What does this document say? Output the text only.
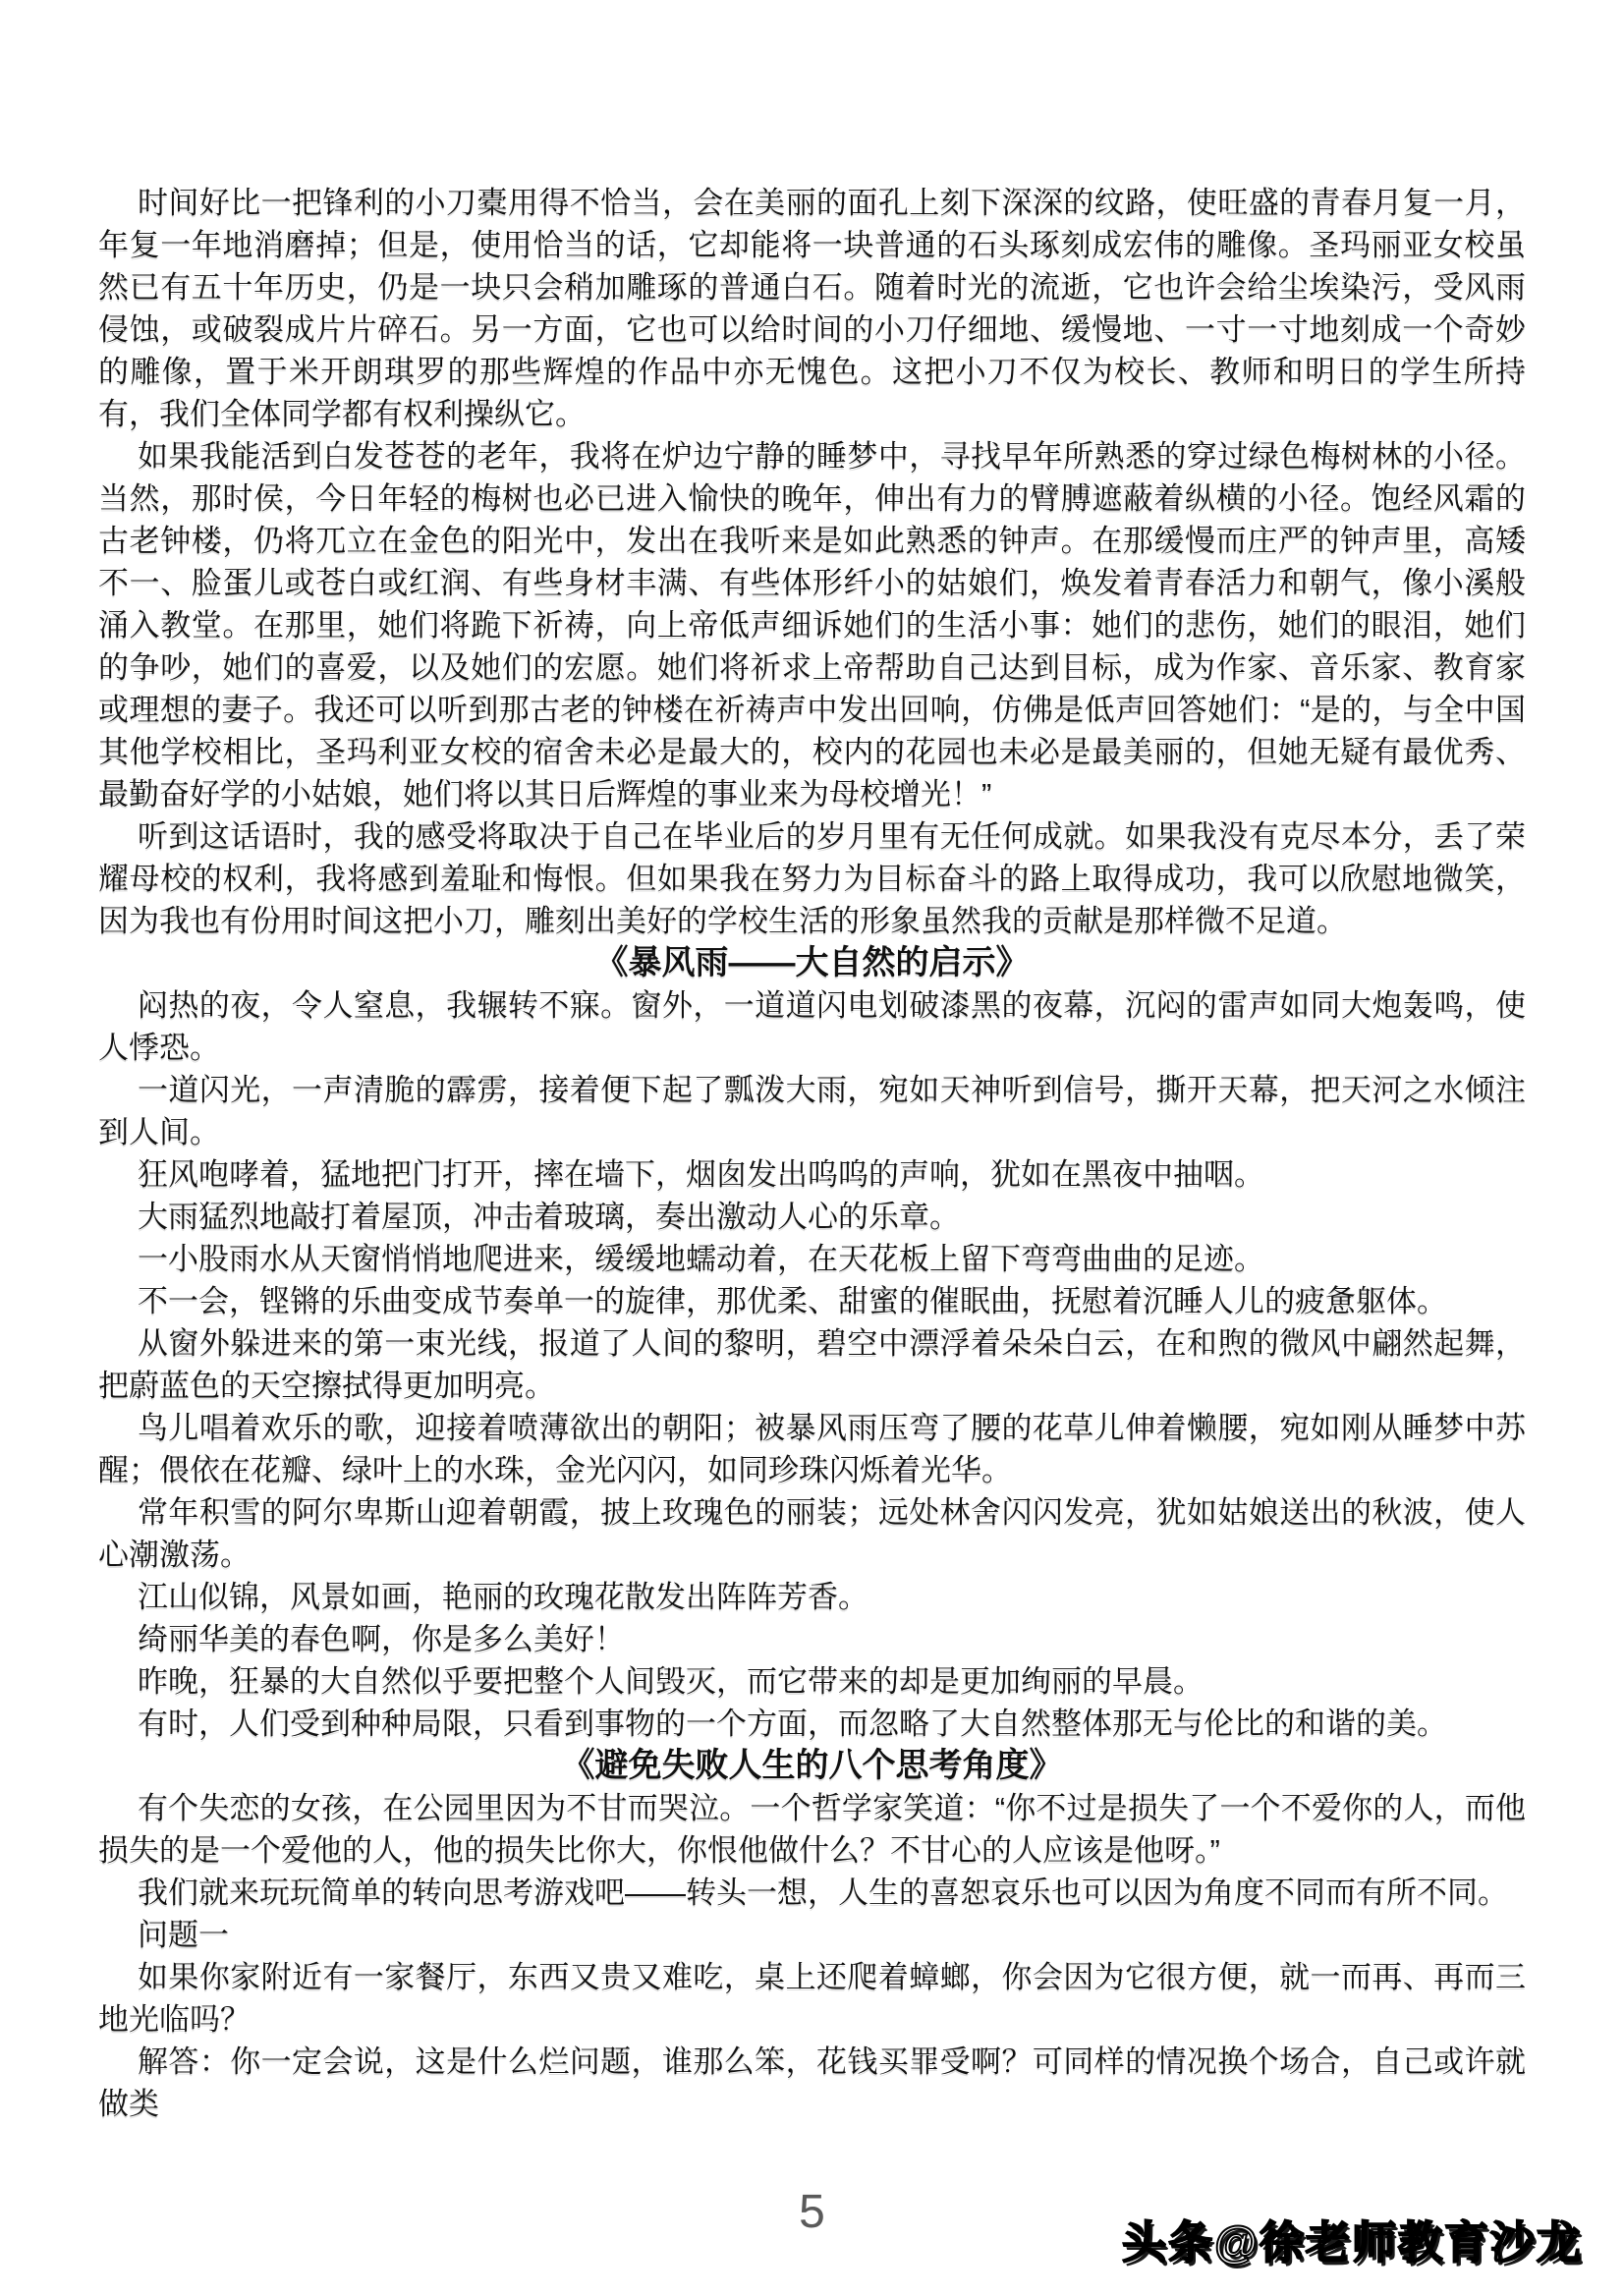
时间好比一把锋利的小刀橐用得不恰当，会在美丽的面孔上刻下深深的纹路，使旺盛的青春月复一月，年复一年地消磨掉；但是，使用恰当的话，它却能将一块普通的石头琢刻成宏伟的雕像。圣玛丽亚女校虽然已有五十年历史，仍是一块只会稍加雕琢的普通白石。随着时光的流逝，它也许会给尘埃染污，受风雨侵蚀，或破裂成片片碎石。另一方面，它也可以给时间的小刀仔细地、缓慢地、一寸一寸地刻成一个奇妙的雕像，置于米开朗琪罗的那些辉煌的作品中亦无愧色。这把小刀不仅为校长、教师和明日的学生所持有，我们全体同学都有权利操纵它。

如果我能活到白发苍苍的老年，我将在炉边宁静的睡梦中，寻找早年所熟悉的穿过绿色梅树林的小径。当然，那时侯，今日年轻的梅树也必已进入愉快的晚年，伸出有力的臂膊遮蔽着纵横的小径。饱经风霜的古老钟楼，仍将兀立在金色的阳光中，发出在我听来是如此熟悉的钟声。在那缓慢而庄严的钟声里，高矮不一、脸蛋儿或苍白或红润、有些身材丰满、有些体形纤小的姑娘们，焕发着青春活力和朝气，像小溪般涌入教堂。在那里，她们将跪下祈祷，向上帝低声细诉她们的生活小事：她们的悲伤，她们的眼泪，她们的争吵，她们的喜爱，以及她们的宏愿。她们将祈求上帝帮助自己达到目标，成为作家、音乐家、教育家或理想的妻子。我还可以听到那古老的钟楼在祈祷声中发出回响，仿佛是低声回答她们：“是的，与全中国其他学校相比，圣玛利亚女校的宿舍未必是最大的，校内的花园也未必是最美丽的，但她无疑有最优秀、最勤奋好学的小姑娘，她们将以其日后辉煌的事业来为母校增光！”

听到这话语时，我的感受将取决于自己在毕业后的岁月里有无任何成就。如果我没有克尽本分，丢了荣耀母校的权利，我将感到羞耻和悔恨。但如果我在努力为目标奋斗的路上取得成功，我可以欣慰地微笑，因为我也有份用时间这把小刀，雕刻出美好的学校生活的形象虽然我的贡献是那样微不足道。

《暴风雨——大自然的启示》

闷热的夜，令人窒息，我辗转不寐。窗外，一道道闪电划破漆黑的夜幕，沉闷的雷声如同大炮轰鸣，使人悸恐。

一道闪光，一声清脆的霹雳，接着便下起了瓢泼大雨，宛如天神听到信号，撕开天幕，把天河之水倾注到人间。

狂风咆哮着，猛地把门打开，摔在墙下，烟囱发出呜呜的声响，犹如在黑夜中抽咽。

大雨猛烈地敲打着屋顶，冲击着玻璃，奏出激动人心的乐章。

一小股雨水从天窗悄悄地爬进来，缓缓地蠕动着，在天花板上留下弯弯曲曲的足迹。

不一会，铿锵的乐曲变成节奏单一的旋律，那优柔、甜蜜的催眠曲，抚慰着沉睡人儿的疲惫躯体。

从窗外躲进来的第一束光线，报道了人间的黎明，碧空中漂浮着朵朵白云，在和煦的微风中翩然起舞，把蔚蓝色的天空擦拭得更加明亮。

鸟儿唱着欢乐的歌，迎接着喷薄欲出的朝阳；被暴风雨压弯了腰的花草儿伸着懒腰，宛如刚从睡梦中苏醒；偎依在花瓣、绿叶上的水珠，金光闪闪，如同珍珠闪烁着光华。

常年积雪的阿尔卑斯山迎着朝霞，披上玫瑰色的丽装；远处林舍闪闪发亮，犹如姑娘送出的秋波，使人心潮激荡。

江山似锦，风景如画，艳丽的玫瑰花散发出阵阵芳香。

绮丽华美的春色啊，你是多么美好！

昨晚，狂暴的大自然似乎要把整个人间毁灭，而它带来的却是更加绚丽的早晨。

有时，人们受到种种局限，只看到事物的一个方面，而忽略了大自然整体那无与伦比的和谐的美。

《避免失败人生的八个思考角度》

有个失恋的女孩，在公园里因为不甘而哭泣。一个哲学家笑道：“你不过是损失了一个不爱你的人，而他损失的是一个爱他的人，他的损失比你大，你恨他做什么？不甘心的人应该是他呀。”

我们就来玩玩简单的转向思考游戏吧——转头一想，人生的喜恕哀乐也可以因为角度不同而有所不同。

问题一

如果你家附近有一家餐厅，东西又贵又难吃，桌上还爬着蟑螂，你会因为它很方便，就一而再、再而三地光临吗？

解答：你一定会说，这是什么烂问题，谁那么笨，花钱买罪受啊？可同样的情况换个场合，自己或许就做类

5
头条@徐老师教育沙龙
